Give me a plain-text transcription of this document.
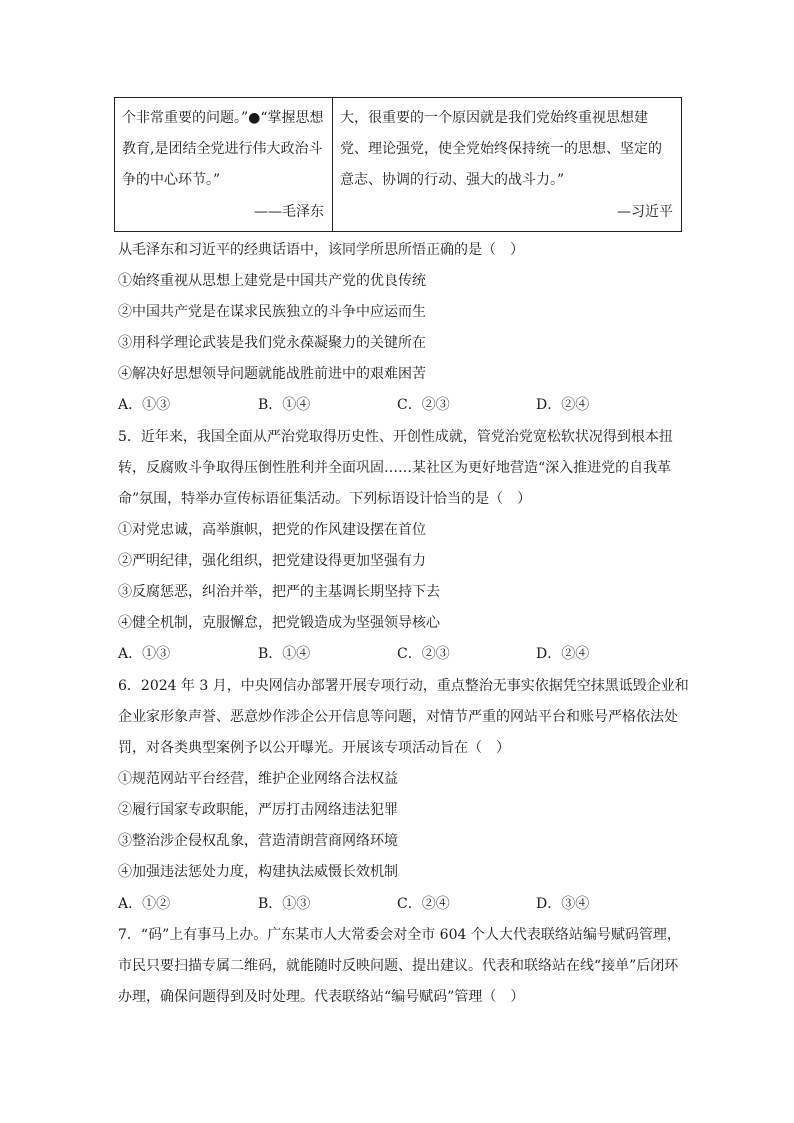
个非常重要的问题。”●“掌握思想教育,是团结全党进行伟大政治斗争的中心环节。”
——毛泽东
大，很重要的一个原因就是我们党始终重视思想建党、理论强党，使全党始终保持统一的思想、坚定的意志、协调的行动、强大的战斗力。”
—习近平
从毛泽东和习近平的经典话语中，该同学所思所悟正确的是（　）
①始终重视从思想上建党是中国共产党的优良传统
②中国共产党是在谋求民族独立的斗争中应运而生
③用科学理论武装是我们党永葆凝聚力的关键所在
④解决好思想领导问题就能战胜前进中的艰难困苦
A．①③	B．①④	C．②③	D．②④
5．近年来，我国全面从严治党取得历史性、开创性成就，管党治党宽松软状况得到根本扭
转，反腐败斗争取得压倒性胜利并全面巩固……某社区为更好地营造“深入推进党的自我革
命”氛围，特举办宣传标语征集活动。下列标语设计恰当的是（　）
①对党忠诚，高举旗帜，把党的作风建设摆在首位
②严明纪律，强化组织，把党建设得更加坚强有力
③反腐惩恶，纠治并举，把严的主基调长期坚持下去
④健全机制，克服懈怠，把党锻造成为坚强领导核心
A．①③	B．①④	C．②③	D．②④
6．2024 年 3 月，中央网信办部署开展专项行动，重点整治无事实依据凭空抹黑诋毁企业和
企业家形象声誉、恶意炒作涉企公开信息等问题，对情节严重的网站平台和账号严格依法处
罚，对各类典型案例予以公开曝光。开展该专项活动旨在（　）
①规范网站平台经营，维护企业网络合法权益
②履行国家专政职能，严厉打击网络违法犯罪
③整治涉企侵权乱象，营造清朗营商网络环境
④加强违法惩处力度，构建执法威慑长效机制
A．①②	B．①③	C．②④	D．③④
7．“码”上有事马上办。广东某市人大常委会对全市 604 个人大代表联络站编号赋码管理，
市民只要扫描专属二维码，就能随时反映问题、提出建议。代表和联络站在线“接单”后闭环
办理，确保问题得到及时处理。代表联络站“编号赋码”管理（　）
